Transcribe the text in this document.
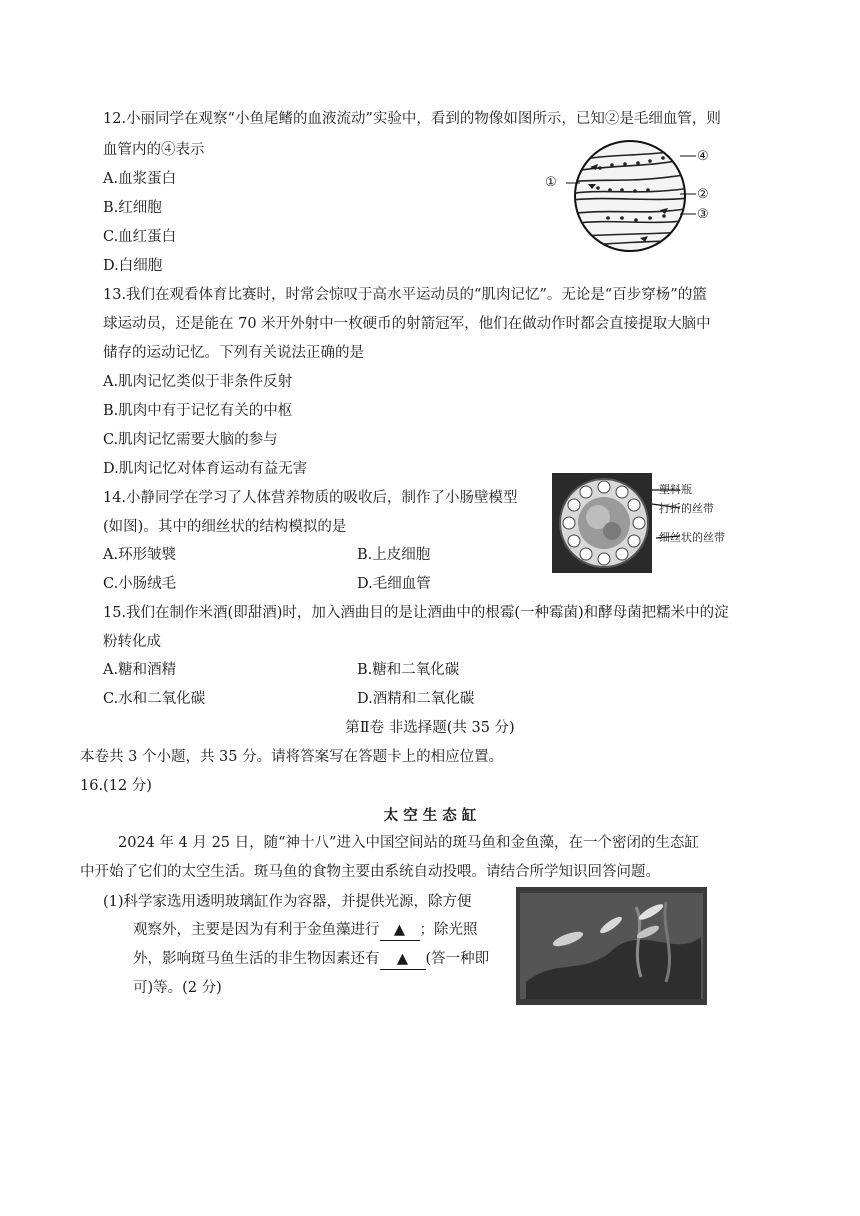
12.小丽同学在观察“小鱼尾鳍的血液流动”实验中，看到的物像如图所示，已知②是毛细血管，则
血管内的④表示
A.血浆蛋白
B.红细胞
C.血红蛋白
D.白细胞
①
④
②
③
13.我们在观看体育比赛时，时常会惊叹于高水平运动员的“肌肉记忆”。无论是“百步穿杨”的篮
球运动员，还是能在 70 米开外射中一枚硬币的射箭冠军，他们在做动作时都会直接提取大脑中
储存的运动记忆。下列有关说法正确的是
A.肌肉记忆类似于非条件反射
B.肌肉中有于记忆有关的中枢
C.肌肉记忆需要大脑的参与
D.肌肉记忆对体育运动有益无害
14.小静同学在学习了人体营养物质的吸收后，制作了小肠壁模型
(如图)。其中的细丝状的结构模拟的是
A.环形皱襞	B.上皮细胞
C.小肠绒毛	D.毛细血管
塑料瓶
打折的丝带
细丝状的丝带
15.我们在制作米酒(即甜酒)时，加入酒曲目的是让酒曲中的根霉(一种霉菌)和酵母菌把糯米中的淀
粉转化成
A.糖和酒精	B.糖和二氧化碳
C.水和二氧化碳	D.酒精和二氧化碳
第Ⅱ卷 非选择题(共 35 分)
本卷共 3 个小题，共 35 分。请将答案写在答题卡上的相应位置。
16.(12 分)
太 空 生 态 缸
2024 年 4 月 25 日，随“神十八”进入中国空间站的斑马鱼和金鱼藻，在一个密闭的生态缸
中开始了它们的太空生活。斑马鱼的食物主要由系统自动投喂。请结合所学知识回答问题。
(1)科学家选用透明玻璃缸作为容器，并提供光源，除方便
观察外，主要是因为有利于金鱼藻进行 ▲ ；除光照
外，影响斑马鱼生活的非生物因素还有 ▲ (答一种即
可)等。(2 分)
